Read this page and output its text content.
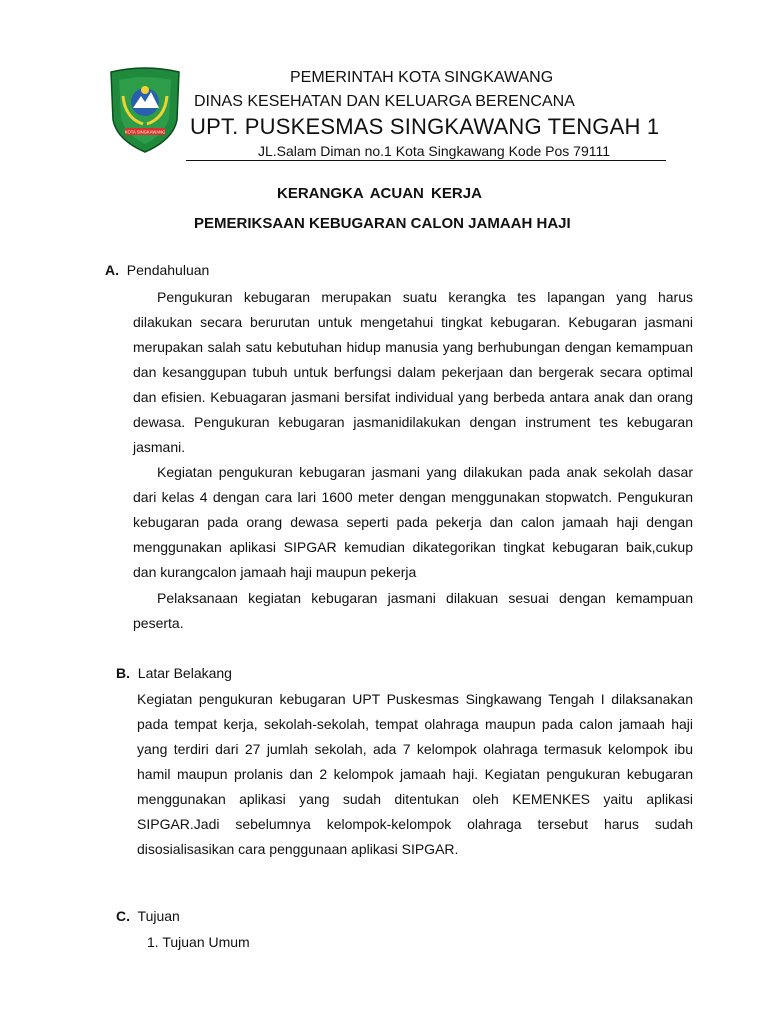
KOTA SINGKAWANG
PEMERINTAH KOTA SINGKAWANG
DINAS KESEHATAN DAN KELUARGA BERENCANA
UPT. PUSKESMAS SINGKAWANG TENGAH 1
JL.Salam Diman no.1 Kota Singkawang Kode Pos 79111
KERANGKA ACUAN KERJA
PEMERIKSAAN KEBUGARAN CALON JAMAAH HAJI
A. Pendahuluan
Pengukuran kebugaran merupakan suatu kerangka tes lapangan yang harus dilakukan secara berurutan untuk mengetahui tingkat kebugaran. Kebugaran jasmani merupakan salah satu kebutuhan hidup manusia yang berhubungan dengan kemampuan dan kesanggupan tubuh untuk berfungsi dalam pekerjaan dan bergerak secara optimal dan efisien. Kebuagaran jasmani bersifat individual yang berbeda antara anak dan orang dewasa. Pengukuran kebugaran jasmanidilakukan dengan instrument tes kebugaran jasmani.
Kegiatan pengukuran kebugaran jasmani yang dilakukan pada anak sekolah dasar dari kelas 4 dengan cara lari 1600 meter dengan menggunakan stopwatch. Pengukuran kebugaran pada orang dewasa seperti pada pekerja dan calon jamaah haji dengan menggunakan aplikasi SIPGAR kemudian dikategorikan tingkat kebugaran baik,cukup dan kurangcalon jamaah haji maupun pekerja
Pelaksanaan kegiatan kebugaran jasmani dilakuan sesuai dengan kemampuan peserta.
B. Latar Belakang
Kegiatan pengukuran kebugaran UPT Puskesmas Singkawang Tengah I dilaksanakan pada tempat kerja, sekolah-sekolah, tempat olahraga maupun pada calon jamaah haji yang terdiri dari 27 jumlah sekolah, ada 7 kelompok olahraga termasuk kelompok ibu hamil maupun prolanis dan 2 kelompok jamaah haji. Kegiatan pengukuran kebugaran menggunakan aplikasi yang sudah ditentukan oleh KEMENKES yaitu aplikasi SIPGAR.Jadi sebelumnya kelompok-kelompok olahraga tersebut harus sudah disosialisasikan cara penggunaan aplikasi SIPGAR.
C. Tujuan
1. Tujuan Umum
